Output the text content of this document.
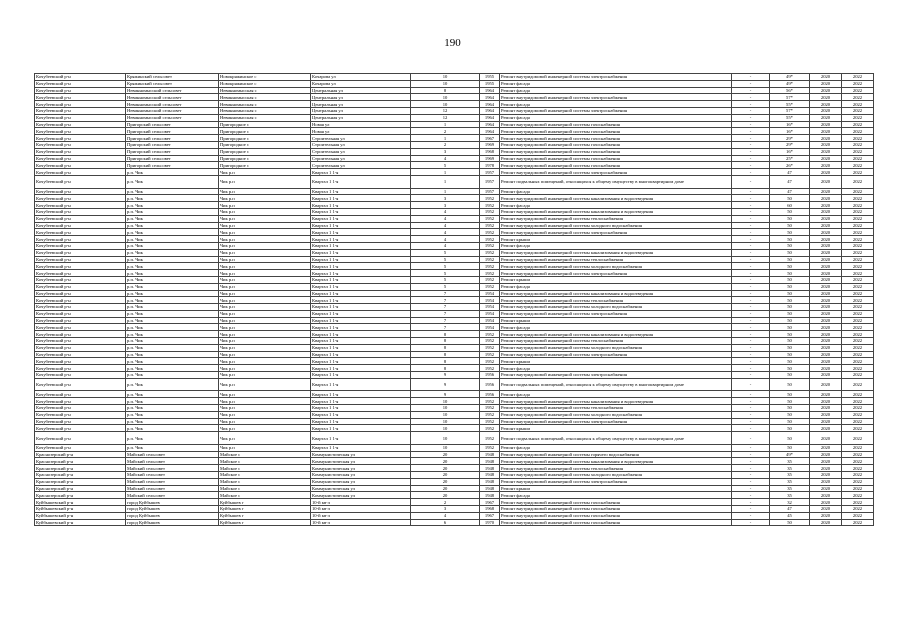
190
Кочубеевский р-н	Кряжинский сельсовет	Новокряжинское с	Кочарова ул	10	1955	Ремонт внутридомовой инженерной системы электроснабжения	-	49*	2020	2022
Кочубеевский р-н	Кряжинский сельсовет	Новокряжинское с	Кочарова ул	10	1955	Ремонт фасада	-	49*	2020	2022
Кочубеевский р-н	Невинномысский сельсовет	Невинномысская с	Центральная ул	8	1964	Ремонт фасада	-	56*	2020	2022
Кочубеевский р-н	Невинномысский сельсовет	Невинномысская с	Центральная ул	10	1964	Ремонт внутридомовой инженерной системы электроснабжения	-	57*	2020	2022
Кочубеевский р-н	Невинномысский сельсовет	Невинномысская с	Центральная ул	10	1964	Ремонт фасада	-	55*	2020	2022
Кочубеевский р-н	Невинномысский сельсовет	Невинномысская с	Центральная ул	12	1964	Ремонт внутридомовой инженерной системы электроснабжения	-	57*	2020	2022
Кочубеевский р-н	Невинномысский сельсовет	Невинномысская с	Центральная ул	12	1964	Ремонт фасада	-	55*	2020	2022
Кочубеевский р-н	Пригорский сельсовет	Пригородное с	Новая ул	1	1964	Ремонт внутридомовой инженерной системы газоснабжения	-	16*	2020	2022
Кочубеевский р-н	Пригорский сельсовет	Пригородное с	Новая ул	2	1964	Ремонт внутридомовой инженерной системы газоснабжения	-	16*	2020	2022
Кочубеевский р-н	Пригорский сельсовет	Пригородное с	Строительная ул	1	1967	Ремонт внутридомовой инженерной системы газоснабжения	-	29*	2020	2022
Кочубеевский р-н	Пригорский сельсовет	Пригородное с	Строительная ул	2	1969	Ремонт внутридомовой инженерной системы газоснабжения	-	29*	2020	2022
Кочубеевский р-н	Пригорский сельсовет	Пригородное с	Строительная ул	3	1968	Ремонт внутридомовой инженерной системы газоснабжения	-	16*	2020	2022
Кочубеевский р-н	Пригорский сельсовет	Пригородное с	Строительная ул	4	1969	Ремонт внутридомовой инженерной системы газоснабжения	-	25*	2020	2022
Кочубеевский р-н	Пригорский сельсовет	Пригородное с	Строительная ул	5	1978	Ремонт внутридомовой инженерной системы газоснабжения	-	26*	2020	2022
Кочубеевский р-н	р.п. Чик	Чик р.п	Квартал 1 1-я	1	1957	Ремонт внутридомовой инженерной системы электроснабжения	-	47	2020	2022
Кочубеевский р-н	р.п. Чик	Чик р.п	Квартал 1 1-я	1	1957	Ремонт подвальных помещений, относящихся к общему имуществу в многоквартирном доме	-	47	2020	2022
Кочубеевский р-н	р.п. Чик	Чик р.п	Квартал 1 1-я	1	1957	Ремонт фасада	-	47	2020	2022
Кочубеевский р-н	р.п. Чик	Чик р.п	Квартал 1 1-я	3	1952	Ремонт внутридомовой инженерной системы канализования и водоотведения	-	50	2020	2022
Кочубеевский р-н	р.п. Чик	Чик р.п	Квартал 1 1-я	3	1952	Ремонт фасада	-	60	2020	2022
Кочубеевский р-н	р.п. Чик	Чик р.п	Квартал 1 1-я	4	1952	Ремонт внутридомовой инженерной системы канализования и водоотведения	-	50	2020	2022
Кочубеевский р-н	р.п. Чик	Чик р.п	Квартал 1 1-я	4	1952	Ремонт внутридомовой инженерной системы теплоснабжения	-	50	2020	2022
Кочубеевский р-н	р.п. Чик	Чик р.п	Квартал 1 1-я	4	1952	Ремонт внутридомовой инженерной системы холодного водоснабжения	-	50	2020	2022
Кочубеевский р-н	р.п. Чик	Чик р.п	Квартал 1 1-я	4	1952	Ремонт внутридомовой инженерной системы электроснабжения	-	50	2020	2022
Кочубеевский р-н	р.п. Чик	Чик р.п	Квартал 1 1-я	4	1952	Ремонт крыши	-	50	2020	2022
Кочубеевский р-н	р.п. Чик	Чик р.п	Квартал 1 1-я	4	1952	Ремонт фасада	-	50	2020	2022
Кочубеевский р-н	р.п. Чик	Чик р.п	Квартал 1 1-я	5	1952	Ремонт внутридомовой инженерной системы канализования и водоотведения	-	50	2020	2022
Кочубеевский р-н	р.п. Чик	Чик р.п	Квартал 1 1-я	5	1952	Ремонт внутридомовой инженерной системы теплоснабжения	-	50	2020	2022
Кочубеевский р-н	р.п. Чик	Чик р.п	Квартал 1 1-я	5	1952	Ремонт внутридомовой инженерной системы холодного водоснабжения	-	50	2020	2022
Кочубеевский р-н	р.п. Чик	Чик р.п	Квартал 1 1-я	5	1952	Ремонт внутридомовой инженерной системы электроснабжения	-	50	2020	2022
Кочубеевский р-н	р.п. Чик	Чик р.п	Квартал 1 1-я	5	1952	Ремонт крыши	-	50	2020	2022
Кочубеевский р-н	р.п. Чик	Чик р.п	Квартал 1 1-я	5	1952	Ремонт фасада	-	50	2020	2022
Кочубеевский р-н	р.п. Чик	Чик р.п	Квартал 1 1-я	7	1954	Ремонт внутридомовой инженерной системы канализования и водоотведения	-	50	2020	2022
Кочубеевский р-н	р.п. Чик	Чик р.п	Квартал 1 1-я	7	1954	Ремонт внутридомовой инженерной системы теплоснабжения	-	50	2020	2022
Кочубеевский р-н	р.п. Чик	Чик р.п	Квартал 1 1-я	7	1954	Ремонт внутридомовой инженерной системы холодного водоснабжения	-	50	2020	2022
Кочубеевский р-н	р.п. Чик	Чик р.п	Квартал 1 1-я	7	1954	Ремонт внутридомовой инженерной системы электроснабжения	-	50	2020	2022
Кочубеевский р-н	р.п. Чик	Чик р.п	Квартал 1 1-я	7	1954	Ремонт крыши	-	50	2020	2022
Кочубеевский р-н	р.п. Чик	Чик р.п	Квартал 1 1-я	7	1954	Ремонт фасада	-	50	2020	2022
Кочубеевский р-н	р.п. Чик	Чик р.п	Квартал 1 1-я	8	1952	Ремонт внутридомовой инженерной системы канализования и водоотведения	-	50	2020	2022
Кочубеевский р-н	р.п. Чик	Чик р.п	Квартал 1 1-я	8	1952	Ремонт внутридомовой инженерной системы теплоснабжения	-	50	2020	2022
Кочубеевский р-н	р.п. Чик	Чик р.п	Квартал 1 1-я	8	1952	Ремонт внутридомовой инженерной системы холодного водоснабжения	-	50	2020	2022
Кочубеевский р-н	р.п. Чик	Чик р.п	Квартал 1 1-я	8	1952	Ремонт внутридомовой инженерной системы электроснабжения	-	50	2020	2022
Кочубеевский р-н	р.п. Чик	Чик р.п	Квартал 1 1-я	8	1952	Ремонт крыши	-	50	2020	2022
Кочубеевский р-н	р.п. Чик	Чик р.п	Квартал 1 1-я	8	1952	Ремонт фасада	-	50	2020	2022
Кочубеевский р-н	р.п. Чик	Чик р.п	Квартал 1 1-я	9	1956	Ремонт внутридомовой инженерной системы электроснабжения	-	50	2020	2022
Кочубеевский р-н	р.п. Чик	Чик р.п	Квартал 1 1-я	9	1956	Ремонт подвальных помещений, относящихся к общему имуществу в многоквартирном доме	-	50	2020	2022
Кочубеевский р-н	р.п. Чик	Чик р.п	Квартал 1 1-я	9	1956	Ремонт фасада	-	50	2020	2022
Кочубеевский р-н	р.п. Чик	Чик р.п	Квартал 1 1-я	10	1952	Ремонт внутридомовой инженерной системы канализования и водоотведения	-	50	2020	2022
Кочубеевский р-н	р.п. Чик	Чик р.п	Квартал 1 1-я	10	1952	Ремонт внутридомовой инженерной системы теплоснабжения	-	50	2020	2022
Кочубеевский р-н	р.п. Чик	Чик р.п	Квартал 1 1-я	10	1952	Ремонт внутридомовой инженерной системы холодного водоснабжения	-	50	2020	2022
Кочубеевский р-н	р.п. Чик	Чик р.п	Квартал 1 1-я	10	1952	Ремонт внутридомовой инженерной системы электроснабжения	-	50	2020	2022
Кочубеевский р-н	р.п. Чик	Чик р.п	Квартал 1 1-я	10	1952	Ремонт крыши	-	50	2020	2022
Кочубеевский р-н	р.п. Чик	Чик р.п	Квартал 1 1-я	10	1952	Ремонт подвальных помещений, относящихся к общему имуществу в многоквартирном доме	-	50	2020	2022
Кочубеевский р-н	р.п. Чик	Чик р.п	Квартал 1 1-я	10	1952	Ремонт фасада	-	50	2020	2022
Краснозерский р-н	Майский сельсовет	Майское с	Коммунистическая ул	20	1948	Ремонт внутридомовой инженерной системы горячего водоснабжения	-	49*	2020	2022
Краснозерский р-н	Майский сельсовет	Майское с	Коммунистическая ул	20	1948	Ремонт внутридомовой инженерной системы канализования и водоотведения	-	35	2020	2022
Краснозерский р-н	Майский сельсовет	Майское с	Коммунистическая ул	20	1948	Ремонт внутридомовой инженерной системы теплоснабжения	-	35	2020	2022
Краснозерский р-н	Майский сельсовет	Майское с	Коммунистическая ул	20	1948	Ремонт внутридомовой инженерной системы холодного водоснабжения	-	35	2020	2022
Краснозерский р-н	Майский сельсовет	Майское с	Коммунистическая ул	20	1948	Ремонт внутридомовой инженерной системы электроснабжения	-	35	2020	2022
Краснозерский р-н	Майский сельсовет	Майское с	Коммунистическая ул	20	1948	Ремонт крыши	-	35	2020	2022
Краснозерский р-н	Майский сельсовет	Майское с	Коммунистическая ул	20	1948	Ремонт фасада	-	35	2020	2022
Куйбышевский р-н	город Куйбышев	Куйбышев г	10-й кв-л	2	1967	Ремонт внутридомовой инженерной системы газоснабжения	-	32	2020	2022
Куйбышевский р-н	город Куйбышев	Куйбышев г	10-й кв-л	3	1968	Ремонт внутридомовой инженерной системы газоснабжения	-	47	2020	2022
Куйбышевский р-н	город Куйбышев	Куйбышев г	10-й кв-л	4	1967	Ремонт внутридомовой инженерной системы газоснабжения	-	45	2020	2022
Куйбышевский р-н	город Куйбышев	Куйбышев г	10-й кв-л	6	1970	Ремонт внутридомовой инженерной системы газоснабжения	-	50	2020	2022
